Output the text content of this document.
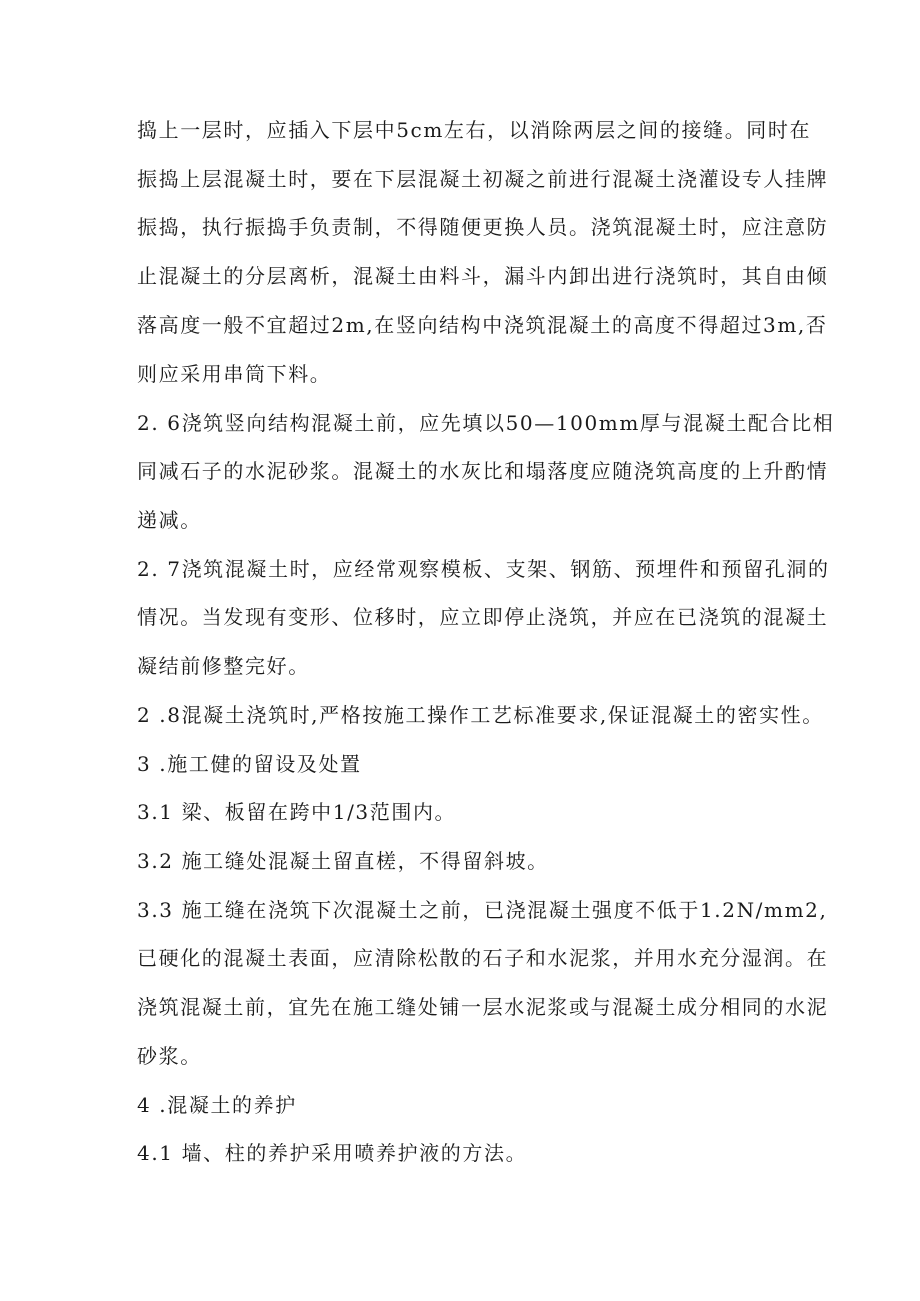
捣上一层时，应插入下层中5cm左右，以消除两层之间的接缝。同时在
振捣上层混凝土时，要在下层混凝土初凝之前进行混凝土浇灌设专人挂牌
振捣，执行振捣手负责制，不得随便更换人员。浇筑混凝土时，应注意防
止混凝土的分层离析，混凝土由料斗，漏斗内卸出进行浇筑时，其自由倾
落高度一般不宜超过2m,在竖向结构中浇筑混凝土的高度不得超过3m,否
则应采用串筒下料。
2. 6浇筑竖向结构混凝土前，应先填以50—100mm厚与混凝土配合比相
同减石子的水泥砂浆。混凝土的水灰比和塌落度应随浇筑高度的上升酌情
递减。
2. 7浇筑混凝土时，应经常观察模板、支架、钢筋、预埋件和预留孔洞的
情况。当发现有变形、位移时，应立即停止浇筑，并应在已浇筑的混凝土
凝结前修整完好。
2 .8混凝土浇筑时,严格按施工操作工艺标准要求,保证混凝土的密实性。
3 .施工健的留设及处置
3.1 梁、板留在跨中1/3范围内。
3.2 施工缝处混凝土留直槎，不得留斜坡。
3.3 施工缝在浇筑下次混凝土之前，已浇混凝土强度不低于1.2N/mm2,
已硬化的混凝土表面，应清除松散的石子和水泥浆，并用水充分湿润。在
浇筑混凝土前，宜先在施工缝处铺一层水泥浆或与混凝土成分相同的水泥
砂浆。
4 .混凝土的养护
4.1 墙、柱的养护采用喷养护液的方法。
